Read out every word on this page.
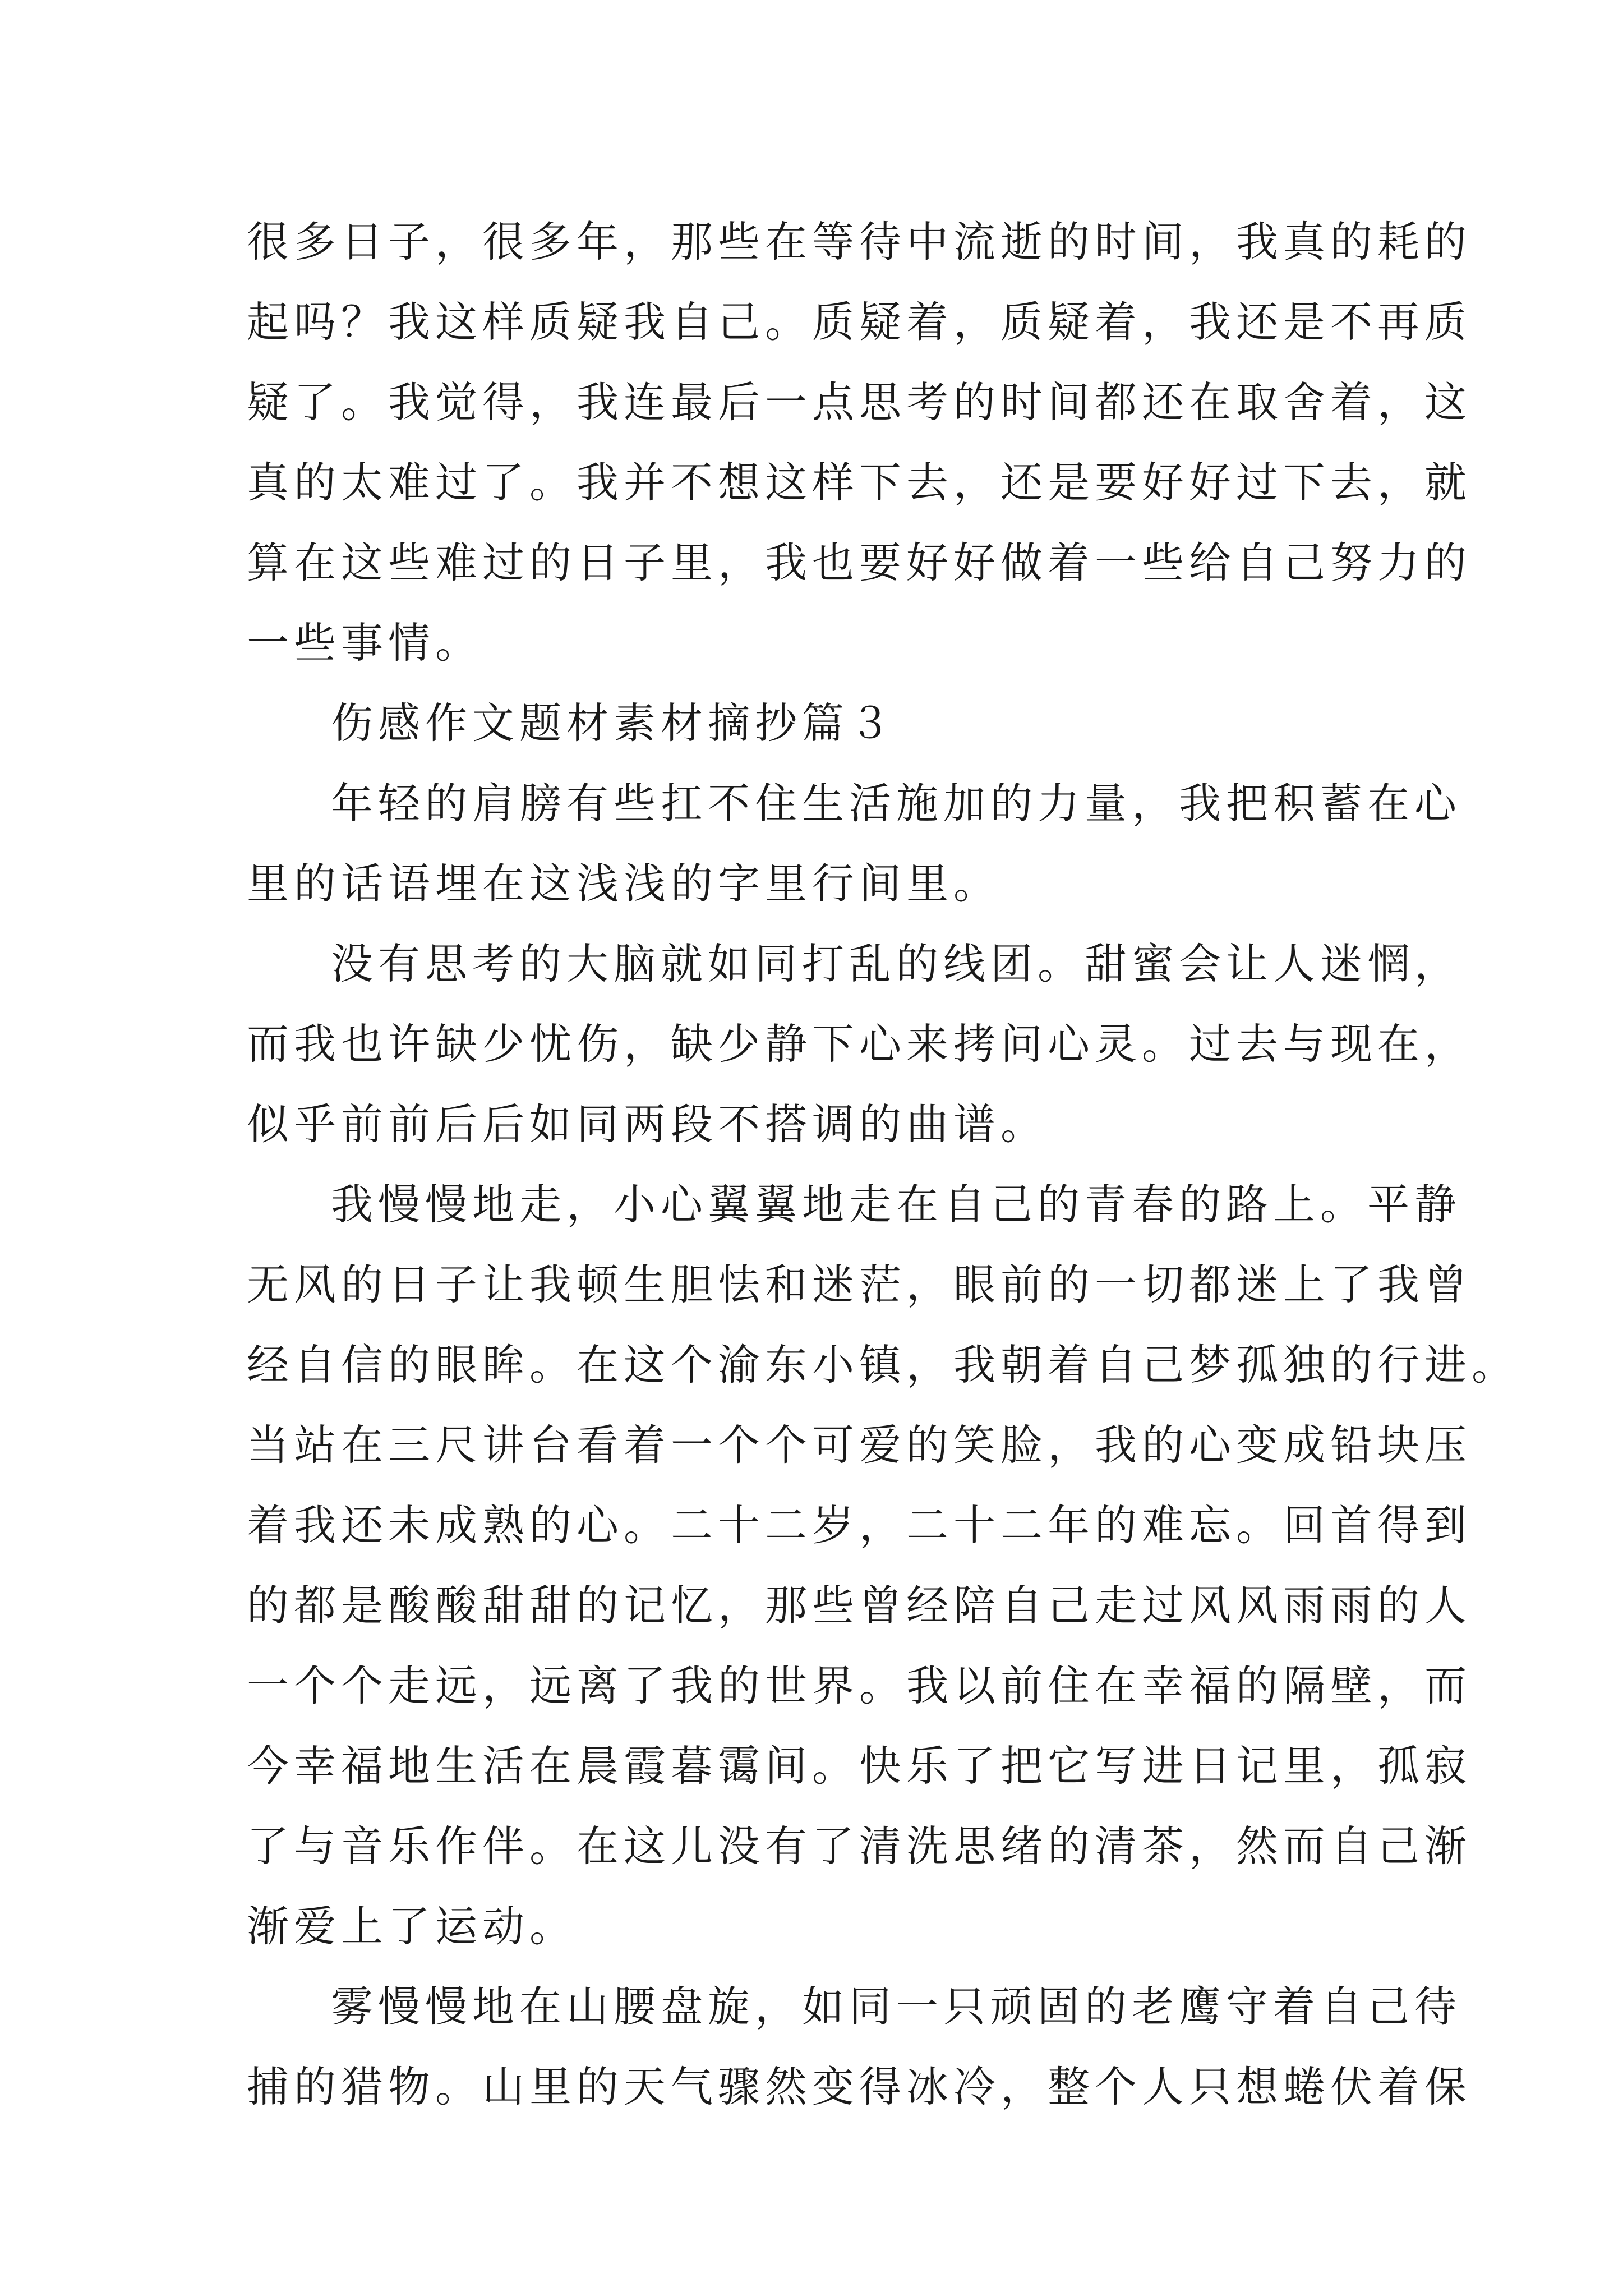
很多日子，很多年，那些在等待中流逝的时间，我真的耗的
起吗？我这样质疑我自己。质疑着，质疑着，我还是不再质
疑了。我觉得，我连最后一点思考的时间都还在取舍着，这
真的太难过了。我并不想这样下去，还是要好好过下去，就
算在这些难过的日子里，我也要好好做着一些给自己努力的
一些事情。
伤感作文题材素材摘抄篇３
年轻的肩膀有些扛不住生活施加的力量，我把积蓄在心
里的话语埋在这浅浅的字里行间里。
没有思考的大脑就如同打乱的线团。甜蜜会让人迷惘，
而我也许缺少忧伤，缺少静下心来拷问心灵。过去与现在，
似乎前前后后如同两段不搭调的曲谱。
我慢慢地走，小心翼翼地走在自己的青春的路上。平静
无风的日子让我顿生胆怯和迷茫，眼前的一切都迷上了我曾
经自信的眼眸。在这个渝东小镇，我朝着自己梦孤独的行进。
当站在三尺讲台看着一个个可爱的笑脸，我的心变成铅块压
着我还未成熟的心。二十二岁，二十二年的难忘。回首得到
的都是酸酸甜甜的记忆，那些曾经陪自己走过风风雨雨的人
一个个走远，远离了我的世界。我以前住在幸福的隔壁，而
今幸福地生活在晨霞暮霭间。快乐了把它写进日记里，孤寂
了与音乐作伴。在这儿没有了清洗思绪的清茶，然而自己渐
渐爱上了运动。
雾慢慢地在山腰盘旋，如同一只顽固的老鹰守着自己待
捕的猎物。山里的天气骤然变得冰冷，整个人只想蜷伏着保
